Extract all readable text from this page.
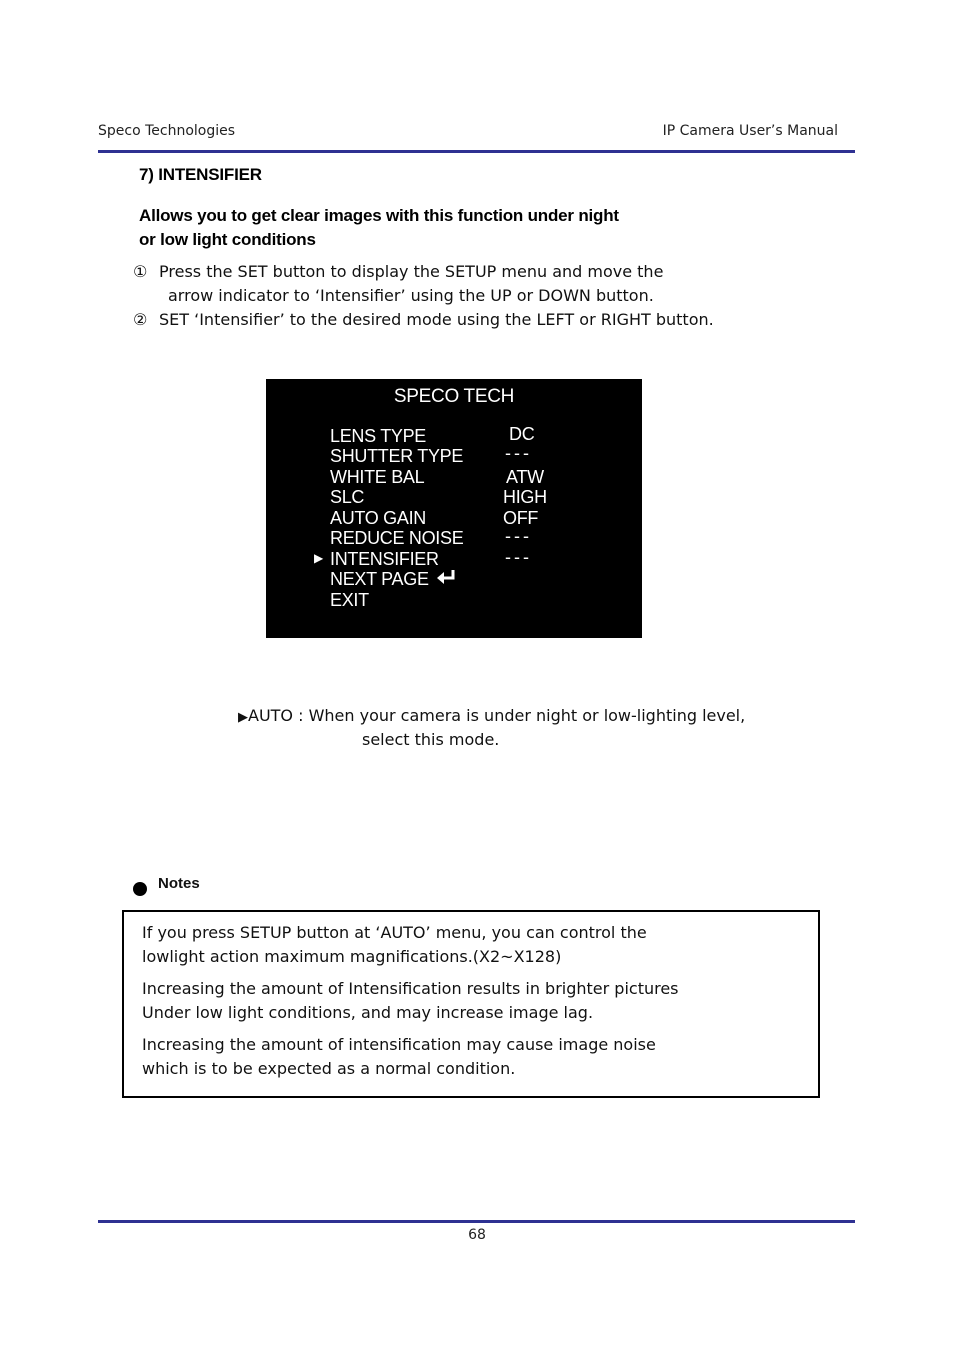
Speco Technologies	IP Camera User’s Manual
7) INTENSIFIER
Allows you to get clear images with this function under night
or low light conditions
① Press the SET button to display the SETUP menu and move the
arrow indicator to ‘Intensifier’ using the UP or DOWN button.
② SET ‘Intensifier’ to the desired mode using the LEFT or RIGHT button.
SPECO TECH
LENS TYPE	DC
SHUTTER TYPE ---
WHITE BAL	ATW
SLC	HIGH
AUTO GAIN	OFF
REDUCE NOISE ---
▶ INTENSIFIER	---
NEXT PAGE
EXIT
▶AUTO : When your camera is under night or low-lighting level,
select this mode.
Notes
If you press SETUP button at ‘AUTO’ menu, you can control the
lowlight action maximum magnifications.(X2~X128)
Increasing the amount of Intensification results in brighter pictures
Under low light conditions, and may increase image lag.
Increasing the amount of intensification may cause image noise
which is to be expected as a normal condition.
68
